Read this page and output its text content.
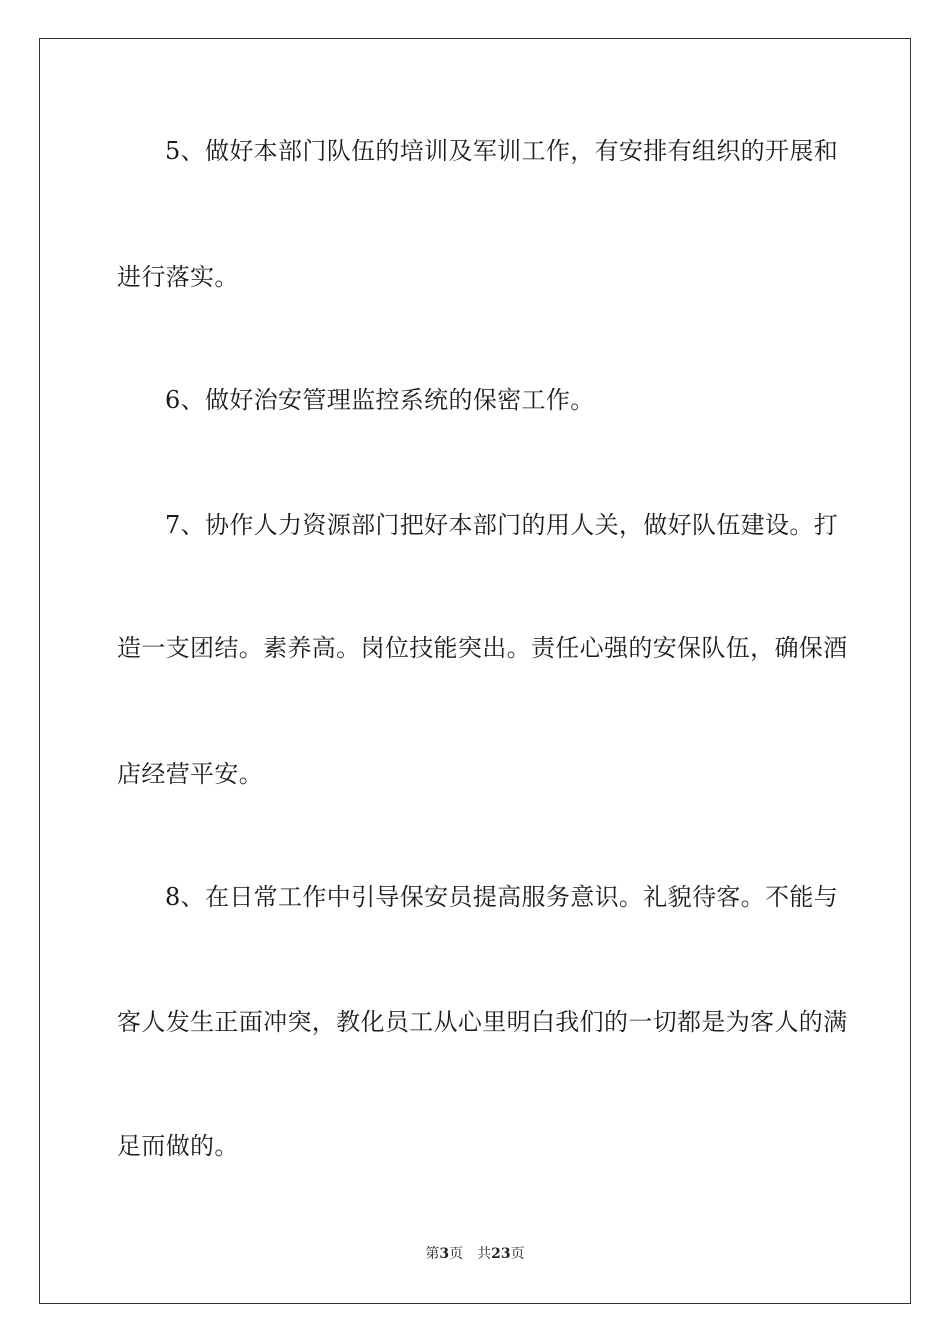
5、做好本部门队伍的培训及军训工作，有安排有组织的开展和
进行落实。
6、做好治安管理监控系统的保密工作。
7、协作人力资源部门把好本部门的用人关，做好队伍建设。打
造一支团结。素养高。岗位技能突出。责任心强的安保队伍，确保酒
店经营平安。
8、在日常工作中引导保安员提高服务意识。礼貌待客。不能与
客人发生正面冲突，教化员工从心里明白我们的一切都是为客人的满
足而做的。
第3页 共23页
